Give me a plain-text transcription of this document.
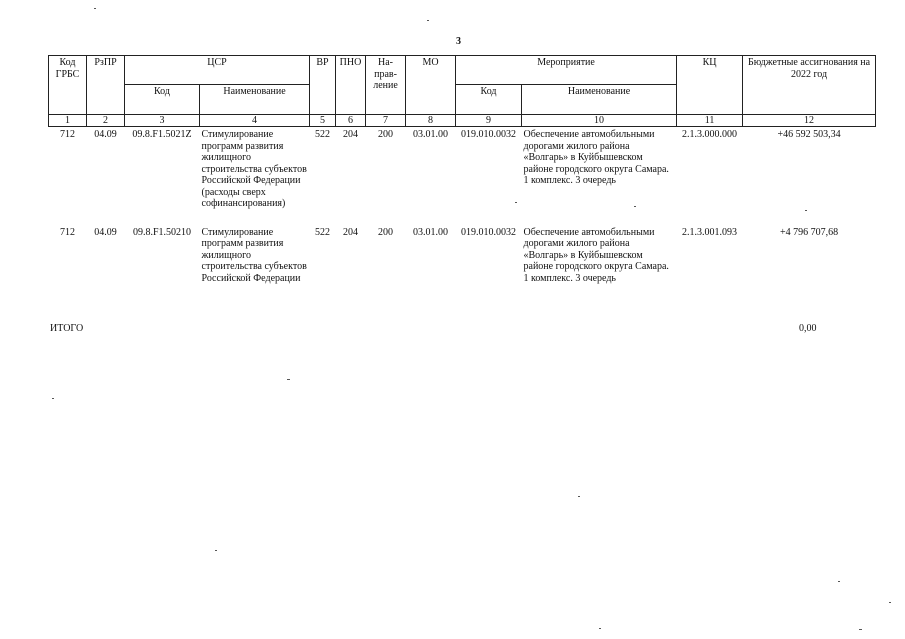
3
Код ГРБС	РзПР	ЦСР		ВР	ПНО	На-прав-ление	МО	Мероприятие		КЦ	Бюджетные ассигнования на 2022 год
		Код	Наименование					Код	Наименование		
1	2	3	4	5	6	7	8	9	10	11	12
712	04.09	09.8.F1.5021Z	Стимулирование программ развития жилищного строительства субъектов Российской Федерации (расходы сверх софинансирования)	522	204	200	03.01.00	019.010.0032	Обеспечение автомобильными дорогами жилого района «Волгарь» в Куйбышевском районе городского округа Самара. 1 комплекс. 3 очередь	2.1.3.000.000	+46 592 503,34
712	04.09	09.8.F1.50210	Стимулирование программ развития жилищного строительства субъектов Российской Федерации	522	204	200	03.01.00	019.010.0032	Обеспечение автомобильными дорогами жилого района «Волгарь» в Куйбышевском районе городского округа Самара. 1 комплекс. 3 очередь	2.1.3.001.093	+4 796 707,68
ИТОГО	0,00
